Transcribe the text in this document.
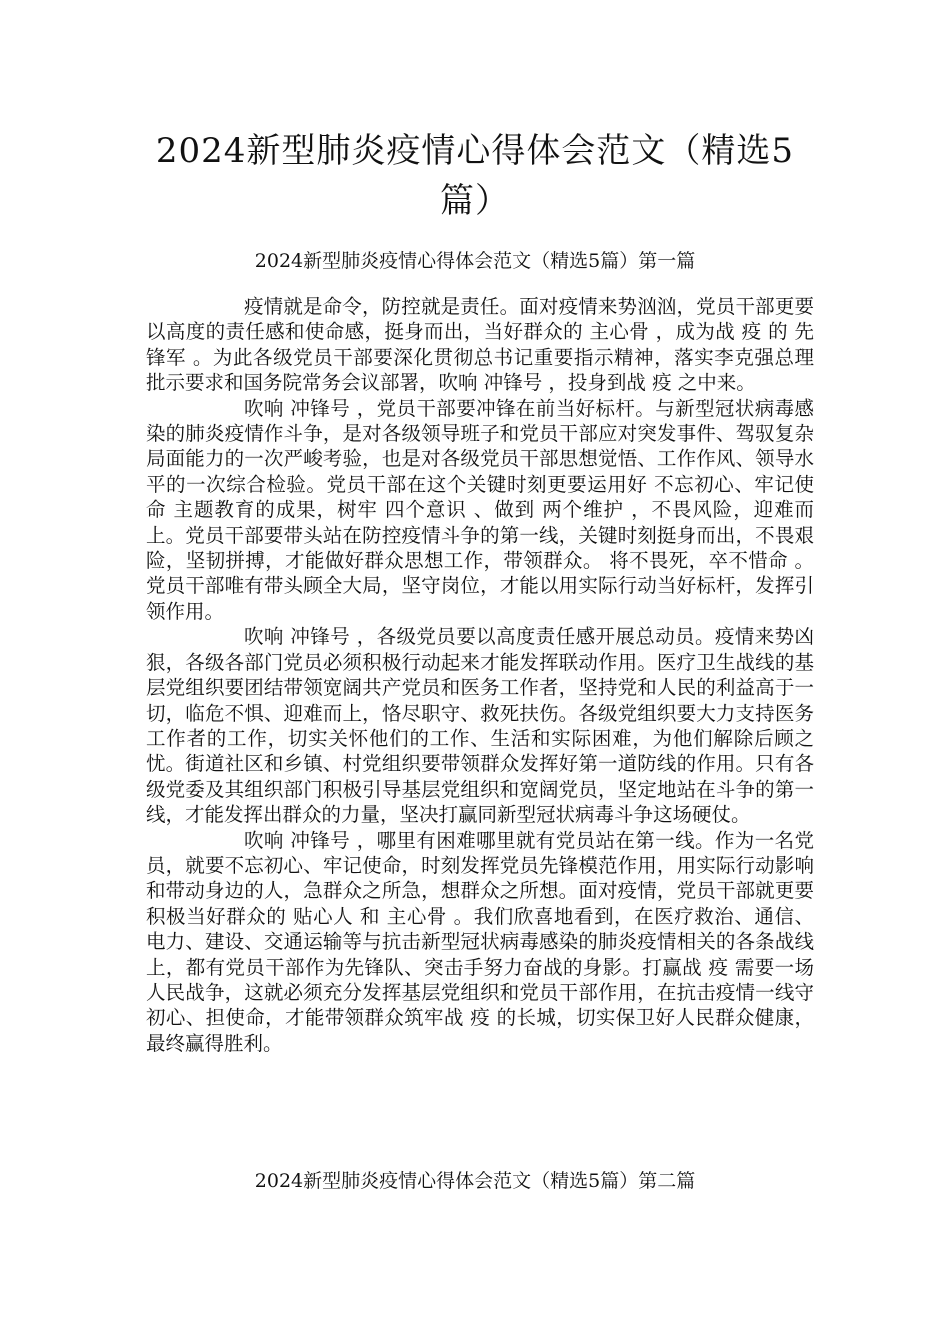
2024新型肺炎疫情心得体会范文（精选5篇）
2024新型肺炎疫情心得体会范文（精选5篇）第一篇

疫情就是命令，防控就是责任。面对疫情来势汹汹，党员干部更要以高度的责任感和使命感，挺身而出，当好群众的 主心骨 ，成为战 疫 的 先锋军 。为此各级党员干部要深化贯彻总书记重要指示精神，落实李克强总理批示要求和国务院常务会议部署，吹响 冲锋号 ，投身到战 疫 之中来。

吹响 冲锋号 ，党员干部要冲锋在前当好标杆。与新型冠状病毒感染的肺炎疫情作斗争，是对各级领导班子和党员干部应对突发事件、驾驭复杂局面能力的一次严峻考验，也是对各级党员干部思想觉悟、工作作风、领导水平的一次综合检验。党员干部在这个关键时刻更要运用好 不忘初心、牢记使命 主题教育的成果，树牢 四个意识 、做到 两个维护 ，不畏风险，迎难而上。党员干部要带头站在防控疫情斗争的第一线，关键时刻挺身而出，不畏艰险，坚韧拼搏，才能做好群众思想工作，带领群众。 将不畏死，卒不惜命 。党员干部唯有带头顾全大局，坚守岗位，才能以用实际行动当好标杆，发挥引领作用。

吹响 冲锋号 ，各级党员要以高度责任感开展总动员。疫情来势凶狠，各级各部门党员必须积极行动起来才能发挥联动作用。医疗卫生战线的基层党组织要团结带领宽阔共产党员和医务工作者，坚持党和人民的利益高于一切，临危不惧、迎难而上，恪尽职守、救死扶伤。各级党组织要大力支持医务工作者的工作，切实关怀他们的工作、生活和实际困难，为他们解除后顾之忧。街道社区和乡镇、村党组织要带领群众发挥好第一道防线的作用。只有各级党委及其组织部门积极引导基层党组织和宽阔党员，坚定地站在斗争的第一线，才能发挥出群众的力量，坚决打赢同新型冠状病毒斗争这场硬仗。

吹响 冲锋号 ，哪里有困难哪里就有党员站在第一线。作为一名党员，就要不忘初心、牢记使命，时刻发挥党员先锋模范作用，用实际行动影响和带动身边的人，急群众之所急，想群众之所想。面对疫情，党员干部就更要积极当好群众的 贴心人 和 主心骨 。我们欣喜地看到，在医疗救治、通信、电力、建设、交通运输等与抗击新型冠状病毒感染的肺炎疫情相关的各条战线上，都有党员干部作为先锋队、突击手努力奋战的身影。打赢战 疫 需要一场人民战争，这就必须充分发挥基层党组织和党员干部作用，在抗击疫情一线守初心、担使命，才能带领群众筑牢战 疫 的长城，切实保卫好人民群众健康，最终赢得胜利。

2024新型肺炎疫情心得体会范文（精选5篇）第二篇
